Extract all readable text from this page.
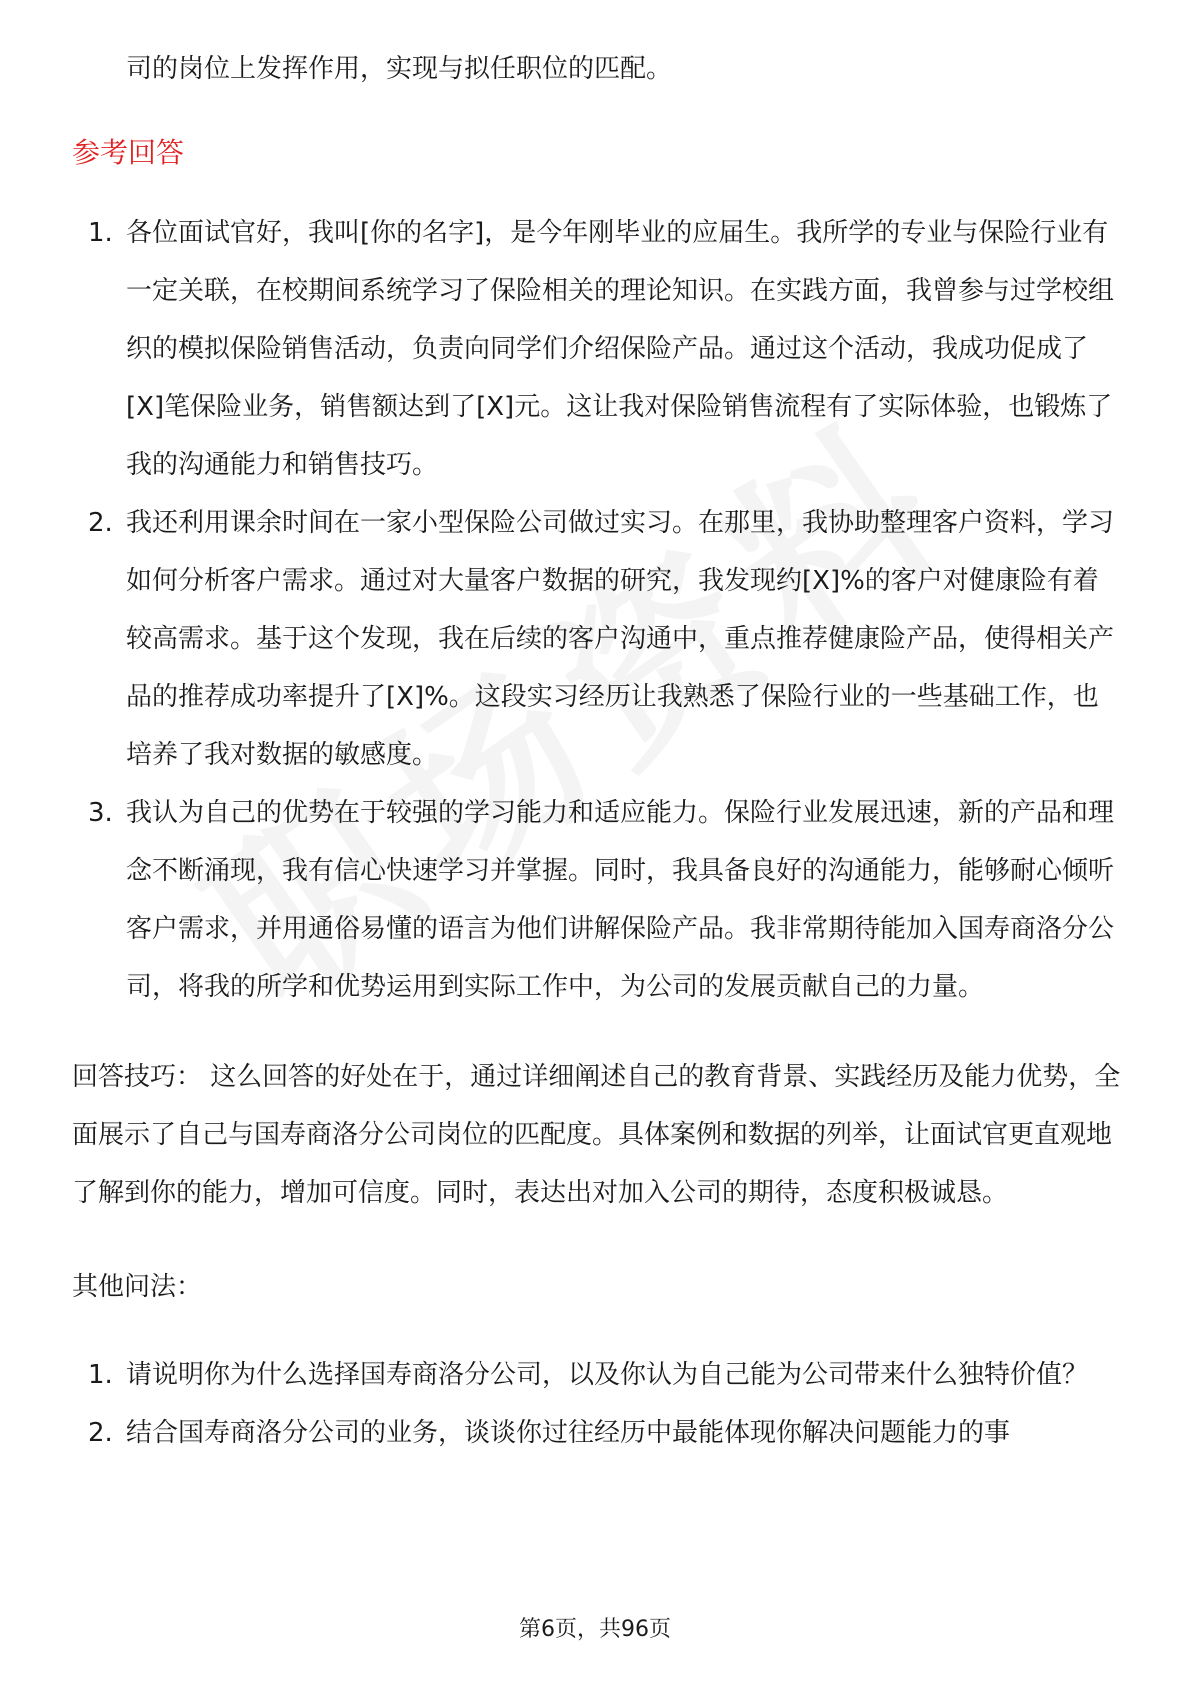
司的岗位上发挥作用，实现与拟任职位的匹配。

参考回答
1. 各位面试官好，我叫[你的名字]，是今年刚毕业的应届生。我所学的专业与保险行业有一定关联，在校期间系统学习了保险相关的理论知识。在实践方面，我曾参与过学校组织的模拟保险销售活动，负责向同学们介绍保险产品。通过这个活动，我成功促成了[X]笔保险业务，销售额达到了[X]元。这让我对保险销售流程有了实际体验，也锻炼了我的沟通能力和销售技巧。
2. 我还利用课余时间在一家小型保险公司做过实习。在那里，我协助整理客户资料，学习如何分析客户需求。通过对大量客户数据的研究，我发现约[X]%的客户对健康险有着较高需求。基于这个发现，我在后续的客户沟通中，重点推荐健康险产品，使得相关产品的推荐成功率提升了[X]%。这段实习经历让我熟悉了保险行业的一些基础工作，也培养了我对数据的敏感度。
3. 我认为自己的优势在于较强的学习能力和适应能力。保险行业发展迅速，新的产品和理念不断涌现，我有信心快速学习并掌握。同时，我具备良好的沟通能力，能够耐心倾听客户需求，并用通俗易懂的语言为他们讲解保险产品。我非常期待能加入国寿商洛分公司，将我的所学和优势运用到实际工作中，为公司的发展贡献自己的力量。

回答技巧： 这么回答的好处在于，通过详细阐述自己的教育背景、实践经历及能力优势，全面展示了自己与国寿商洛分公司岗位的匹配度。具体案例和数据的列举，让面试官更直观地了解到你的能力，增加可信度。同时，表达出对加入公司的期待，态度积极诚恳。

其他问法：

1. 请说明你为什么选择国寿商洛分公司，以及你认为自己能为公司带来什么独特价值？
2. 结合国寿商洛分公司的业务，谈谈你过往经历中最能体现你解决问题能力的事
第6页，共96页
